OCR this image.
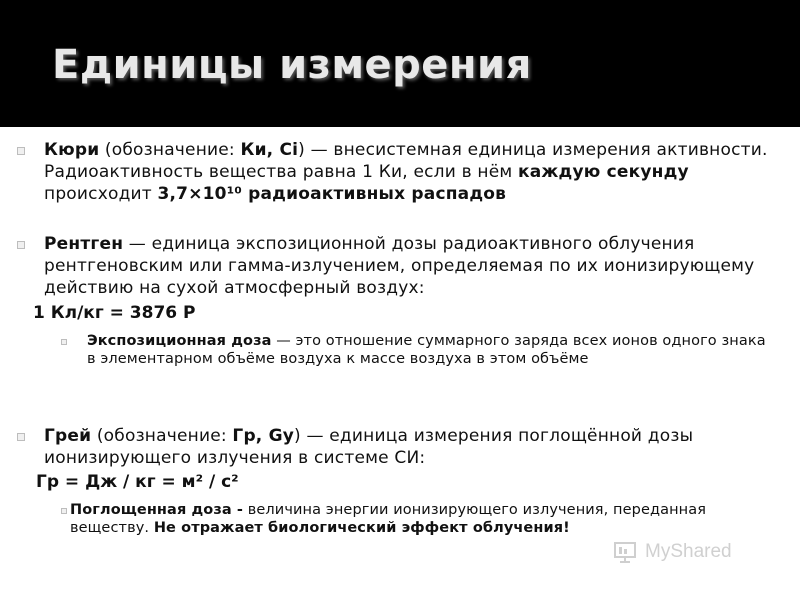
Единицы измерения
Кюри (обозначение: Ки, Ci) — внесистемная единица измерения активности. Радиоактивность вещества равна 1 Ки, если в нём каждую секунду происходит 3,7×10¹⁰ радиоактивных распадов
Рентген — единица экспозиционной дозы радиоактивного облучения рентгеновским или гамма-излучением, определяемая по их ионизирующему действию на сухой атмосферный воздух:
1 Кл/кг = 3876 Р
Экспозиционная доза — это отношение суммарного заряда всех ионов одного знака в элементарном объёме воздуха к массе воздуха в этом объёме
Грей (обозначение: Гр, Gy) — единица измерения поглощённой дозы ионизирующего излучения в системе СИ:
Гр = Дж / кг = м² / с²
Поглощенная доза - величина энергии ионизирующего излучения, переданная веществу. Не отражает биологический эффект облучения!
MyShared
